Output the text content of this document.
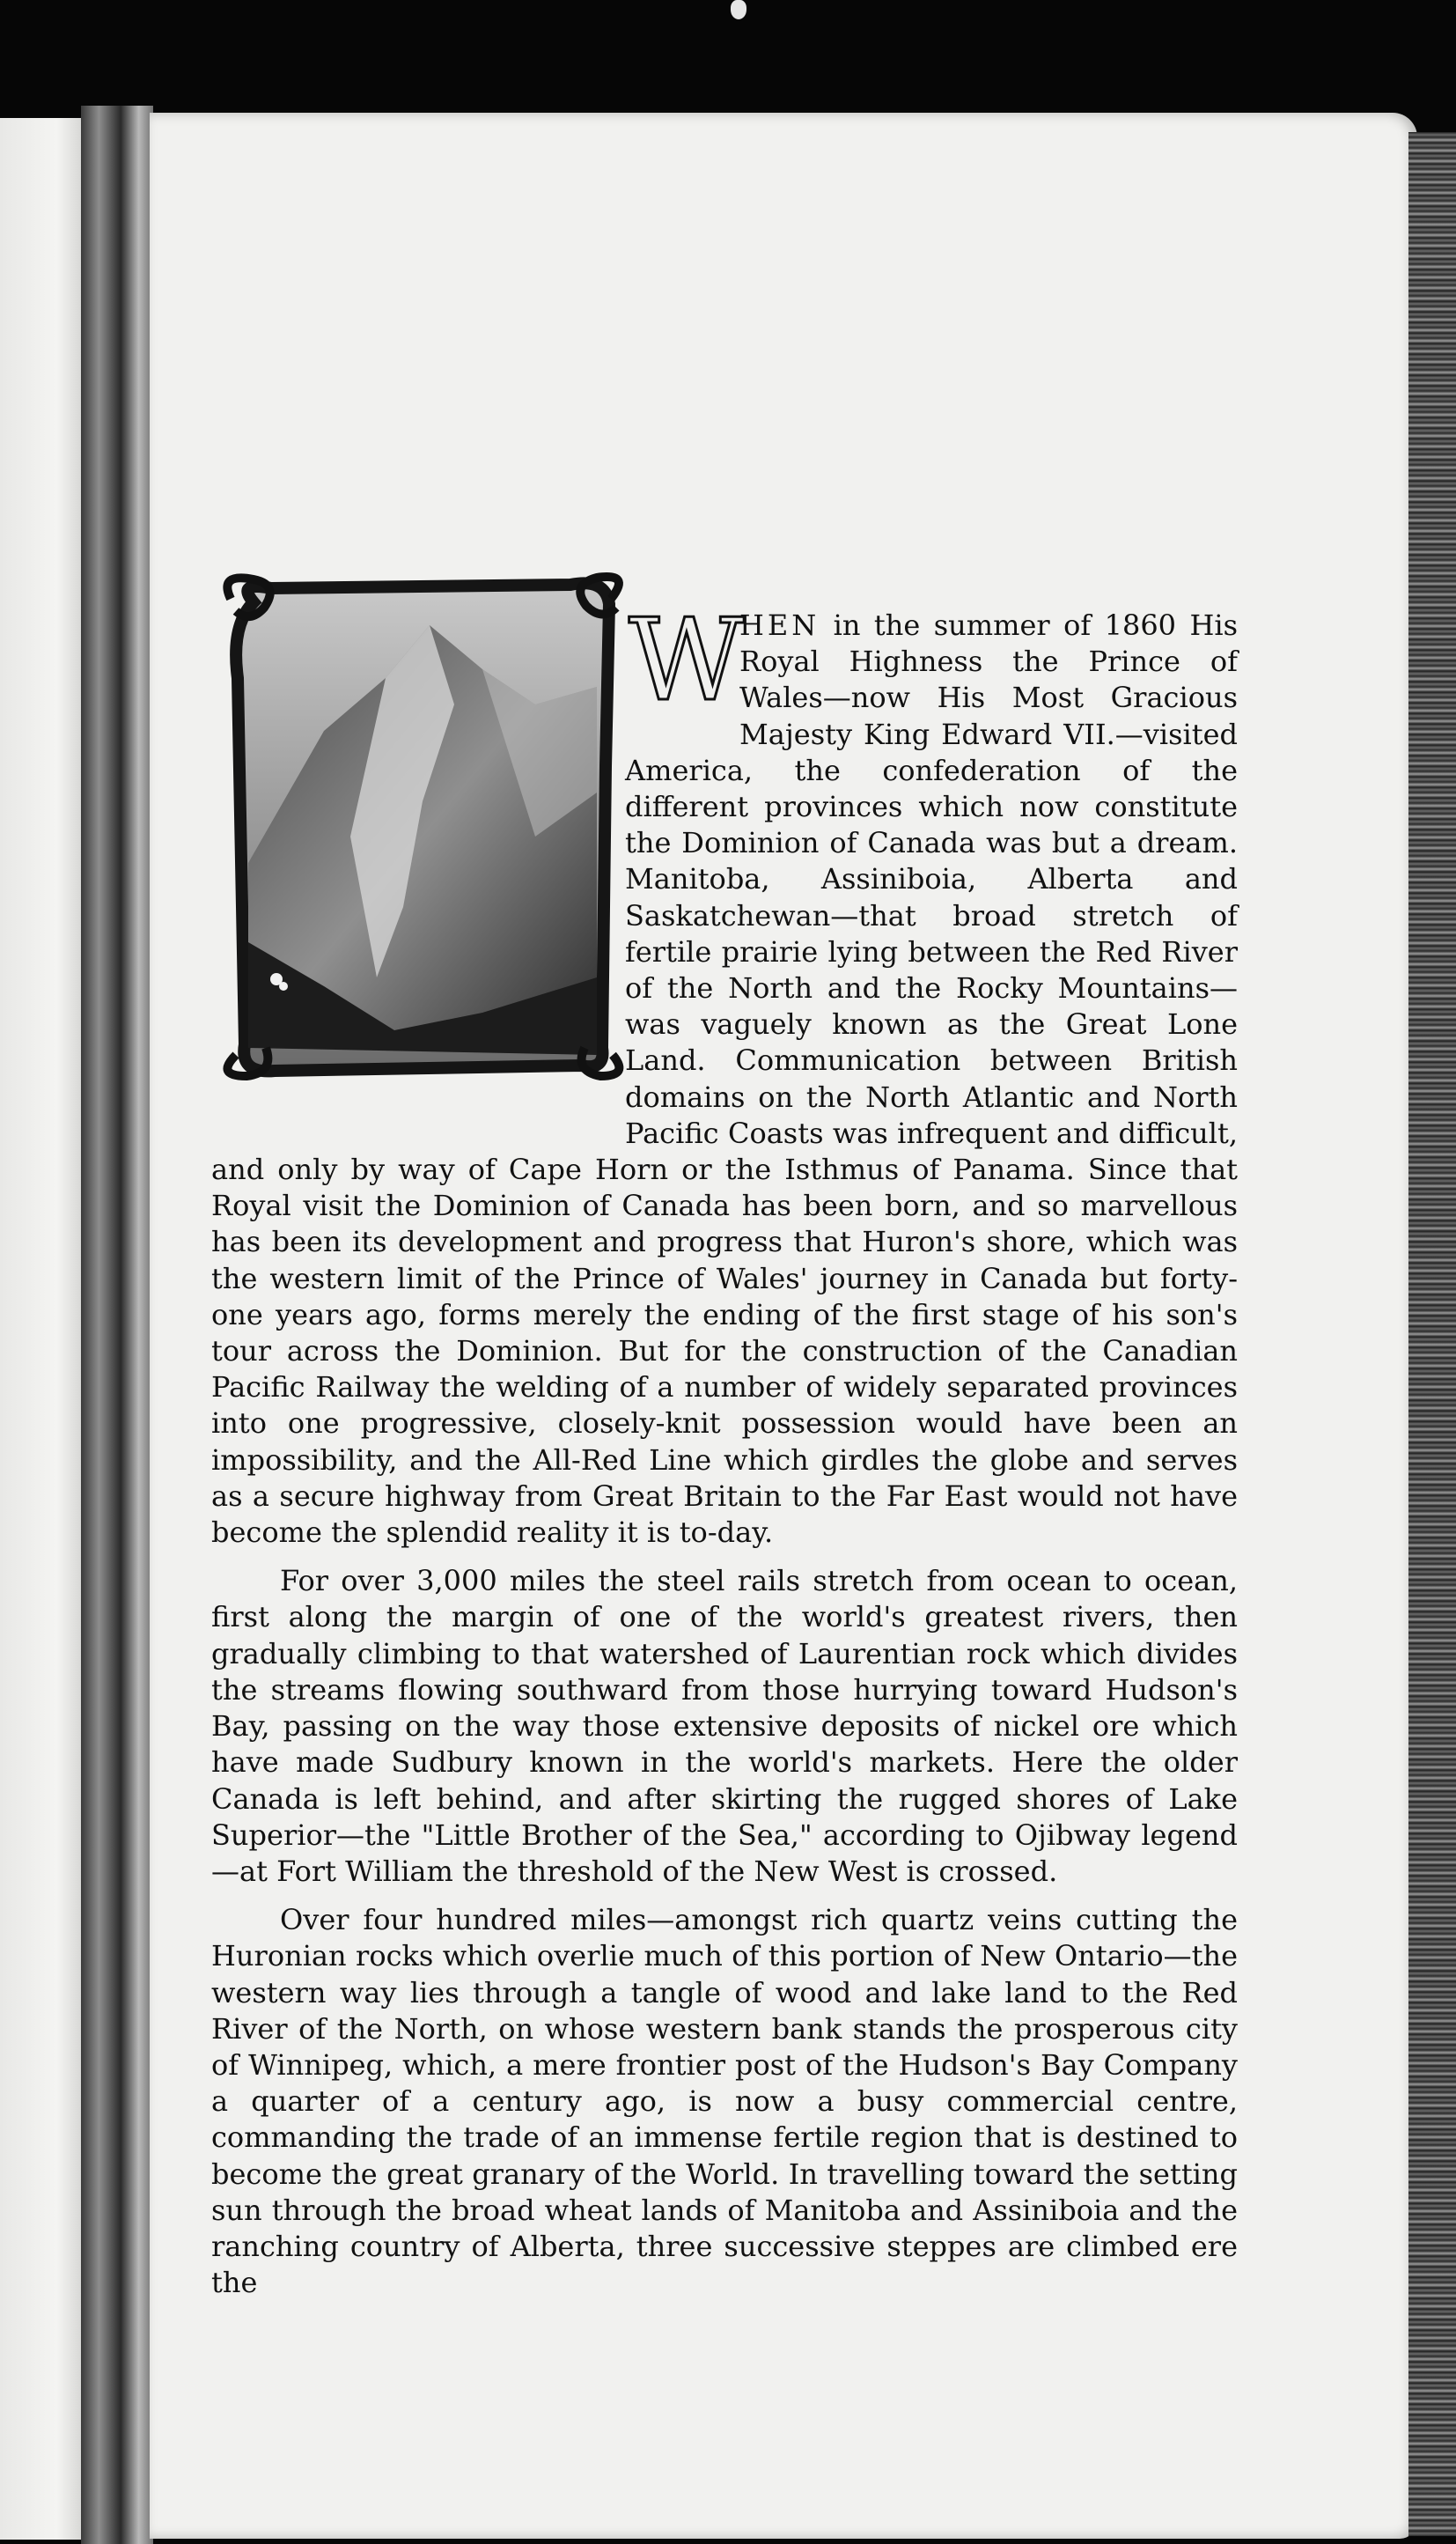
W

HEN in the summer of 1860 His Royal Highness the Prince of Wales—now His Most Gracious Majesty King Edward VII.—visited America, the confederation of the different provinces which now constitute the Dominion of Canada was but a dream. Manitoba, Assiniboia, Alberta and Saskatchewan—that broad stretch of fertile prairie lying between the Red River of the North and the Rocky Mountains—was vaguely known as the Great Lone Land. Communication between British domains on the North Atlantic and North Pacific Coasts was infrequent and difficult, and only by way of Cape Horn or the Isthmus of Panama. Since that Royal visit the Dominion of Canada has been born, and so marvellous has been its development and progress that Huron's shore, which was the western limit of the Prince of Wales' journey in Canada but forty-one years ago, forms merely the ending of the first stage of his son's tour across the Dominion. But for the construction of the Canadian Pacific Railway the welding of a number of widely separated provinces into one progressive, closely-knit possession would have been an impossibility, and the All-Red Line which girdles the globe and serves as a secure highway from Great Britain to the Far East would not have become the splendid reality it is to-day.

For over 3,000 miles the steel rails stretch from ocean to ocean, first along the margin of one of the world's greatest rivers, then gradually climbing to that watershed of Laurentian rock which divides the streams flowing southward from those hurrying toward Hudson's Bay, passing on the way those extensive deposits of nickel ore which have made Sudbury known in the world's markets. Here the older Canada is left behind, and after skirting the rugged shores of Lake Superior—the "Little Brother of the Sea," according to Ojibway legend—at Fort William the threshold of the New West is crossed.

Over four hundred miles—amongst rich quartz veins cutting the Huronian rocks which overlie much of this portion of New Ontario—the western way lies through a tangle of wood and lake land to the Red River of the North, on whose western bank stands the prosperous city of Winnipeg, which, a mere frontier post of the Hudson's Bay Company a quarter of a century ago, is now a busy commercial centre, commanding the trade of an immense fertile region that is destined to become the great granary of the World. In travelling toward the setting sun through the broad wheat lands of Manitoba and Assiniboia and the ranching country of Alberta, three successive steppes are climbed ere the
